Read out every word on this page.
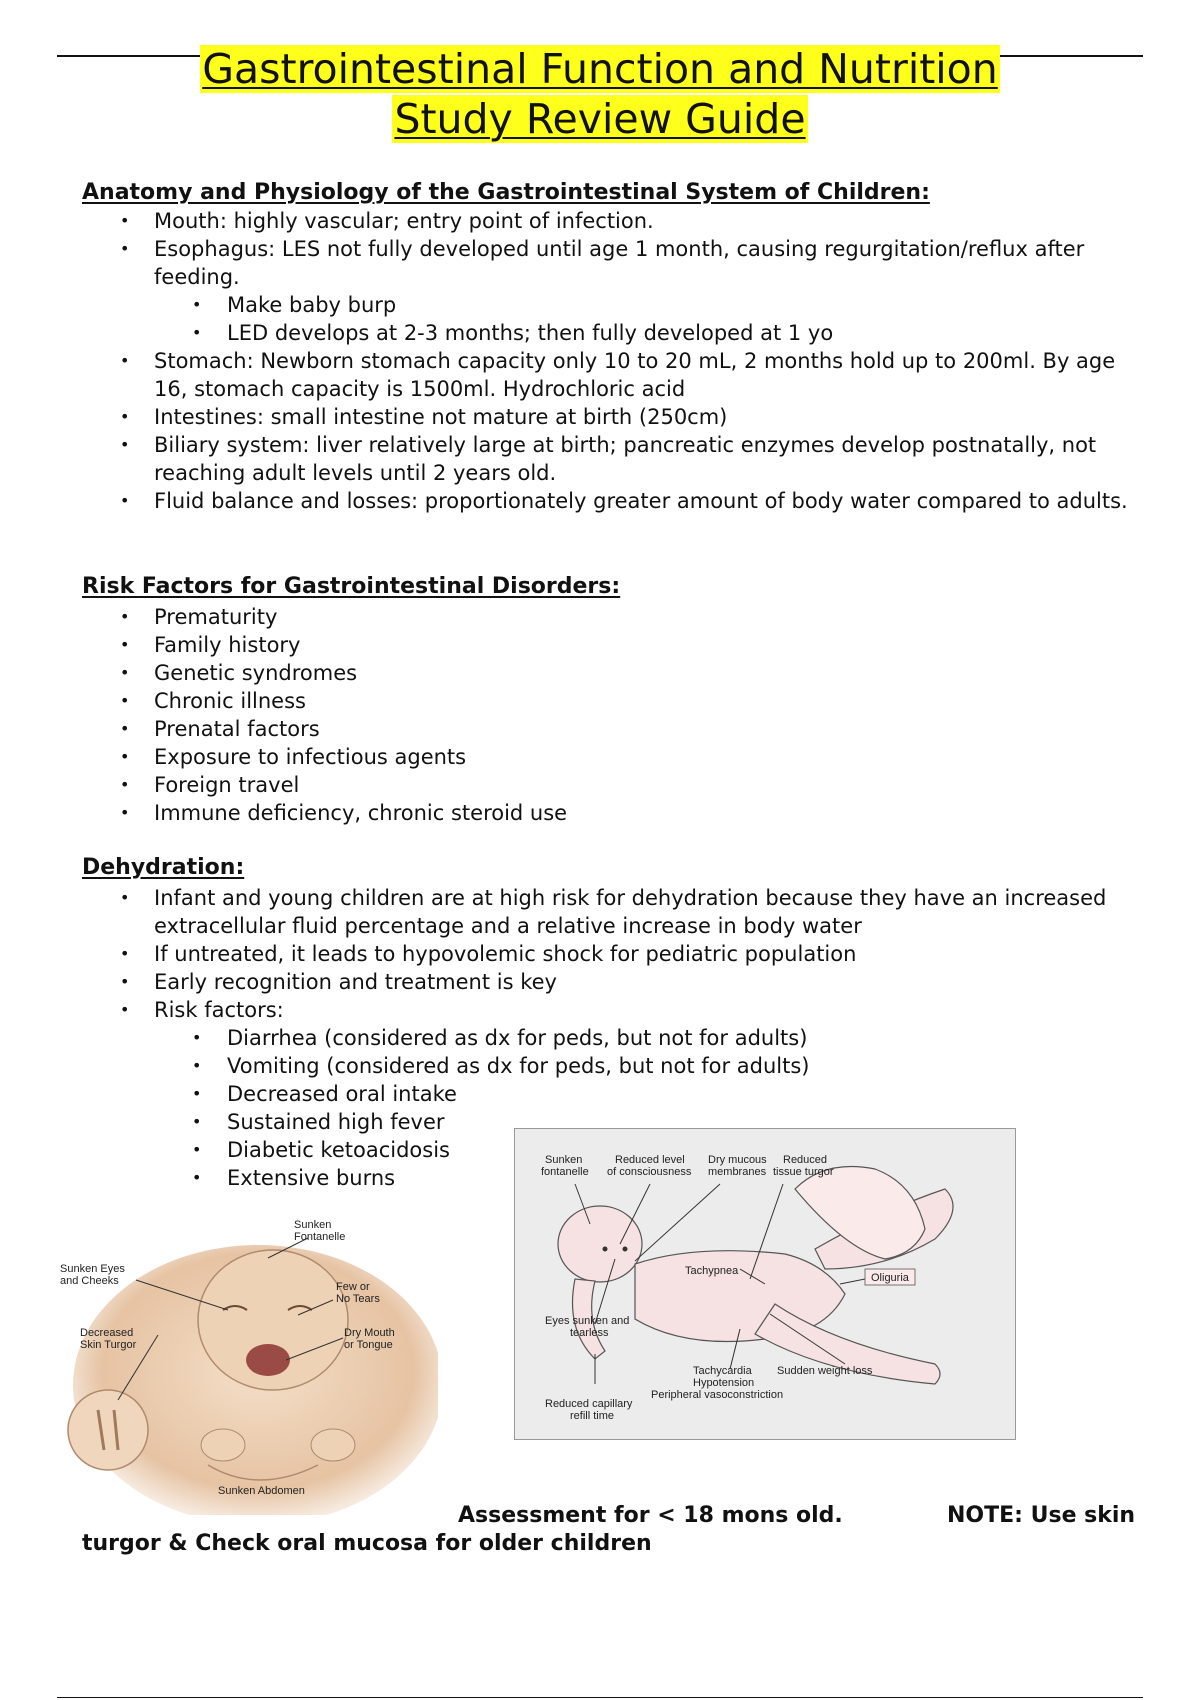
Gastrointestinal Function and Nutrition
Study Review Guide
Anatomy and Physiology of the Gastrointestinal System of Children:
• Mouth: highly vascular; entry point of infection.
• Esophagus: LES not fully developed until age 1 month, causing regurgitation/reflux after feeding.
• Make baby burp
• LED develops at 2-3 months; then fully developed at 1 yo
• Stomach: Newborn stomach capacity only 10 to 20 mL, 2 months hold up to 200ml. By age 16, stomach capacity is 1500ml. Hydrochloric acid
• Intestines: small intestine not mature at birth (250cm)
• Biliary system: liver relatively large at birth; pancreatic enzymes develop postnatally, not reaching adult levels until 2 years old.
• Fluid balance and losses: proportionately greater amount of body water compared to adults.
Risk Factors for Gastrointestinal Disorders:
• Prematurity
• Family history
• Genetic syndromes
• Chronic illness
• Prenatal factors
• Exposure to infectious agents
• Foreign travel
• Immune deficiency, chronic steroid use
Dehydration:
• Infant and young children are at high risk for dehydration because they have an increased extracellular fluid percentage and a relative increase in body water
• If untreated, it leads to hypovolemic shock for pediatric population
• Early recognition and treatment is key
• Risk factors:
• Diarrhea (considered as dx for peds, but not for adults)
• Vomiting (considered as dx for peds, but not for adults)
• Decreased oral intake
• Sustained high fever
• Diabetic ketoacidosis
• Extensive burns
Sunken
Fontanelle
Sunken Eyes
and Cheeks	Few or
No Tears
Decreased
Skin Turgor
Dry Mouth
or Tongue
Sunken Abdomen
Sunken
fontanelle
Reduced level
of consciousness
Dry mucous
membranes
Reduced
tissue turgor
Tachypnea
Oliguria
Eyes sunken and
tearless
Tachycardia
Hypotension
Peripheral vasoconstriction
Sudden weight loss
Reduced capillary
refill time
Assessment for < 18 mons old.	NOTE: Use skin
turgor & Check oral mucosa for older children
